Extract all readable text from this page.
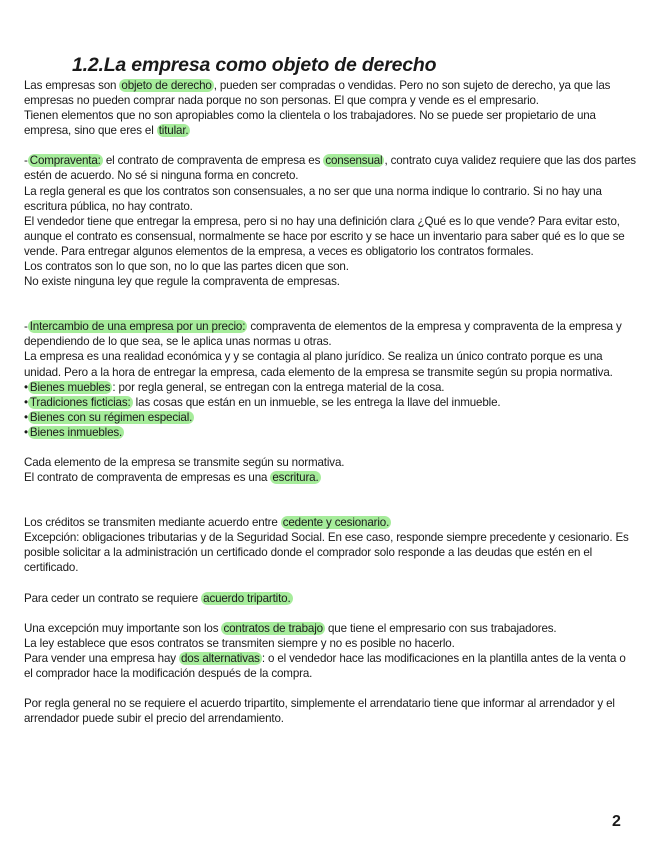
1.2.La empresa como objeto de derecho

Las empresas son objeto de derecho , pueden ser compradas o vendidas. Pero no son sujeto de derecho, ya que las empresas no pueden comprar nada porque no son personas. El que compra y vende es el empresario.

Tienen elementos que no son apropiables como la clientela o los trabajadores. No se puede ser propietario de una empresa, sino que eres el titular.

- Compraventa: el contrato de compraventa de empresa es consensual , contrato cuya validez requiere que las dos partes estén de acuerdo. No sé si ninguna forma en concreto.

La regla general es que los contratos son consensuales, a no ser que una norma indique lo contrario. Si no hay una escritura pública, no hay contrato.

El vendedor tiene que entregar la empresa, pero si no hay una definición clara ¿Qué es lo que vende? Para evitar esto, aunque el contrato es consensual, normalmente se hace por escrito y se hace un inventario para saber qué es lo que se vende. Para entregar algunos elementos de la empresa, a veces es obligatorio los contratos formales.

Los contratos son lo que son, no lo que las partes dicen que son.

No existe ninguna ley que regule la compraventa de empresas.

- Intercambio de una empresa por un precio: compraventa de elementos de la empresa y compraventa de la empresa y dependiendo de lo que sea, se le aplica unas normas u otras.

La empresa es una realidad económica y y se contagia al plano jurídico. Se realiza un único contrato porque es una unidad. Pero a la hora de entregar la empresa, cada elemento de la empresa se transmite según su propia normativa.

• Bienes muebles : por regla general, se entregan con la entrega material de la cosa.
• Tradiciones ficticias: las cosas que están en un inmueble, se les entrega la llave del inmueble.
• Bienes con su régimen especial.
• Bienes inmuebles.

Cada elemento de la empresa se transmite según su normativa.

El contrato de compraventa de empresas es una escritura.

Los créditos se transmiten mediante acuerdo entre cedente y cesionario.

Excepción: obligaciones tributarias y de la Seguridad Social. En ese caso, responde siempre precedente y cesionario. Es posible solicitar a la administración un certificado donde el comprador solo responde a las deudas que estén en el certificado.

Para ceder un contrato se requiere acuerdo tripartito.

Una excepción muy importante son los contratos de trabajo que tiene el empresario con sus trabajadores.

La ley establece que esos contratos se transmiten siempre y no es posible no hacerlo.

Para vender una empresa hay dos alternativas : o el vendedor hace las modificaciones en la plantilla antes de la venta o el comprador hace la modificación después de la compra.

Por regla general no se requiere el acuerdo tripartito, simplemente el arrendatario tiene que informar al arrendador y el arrendador puede subir el precio del arrendamiento.

2
